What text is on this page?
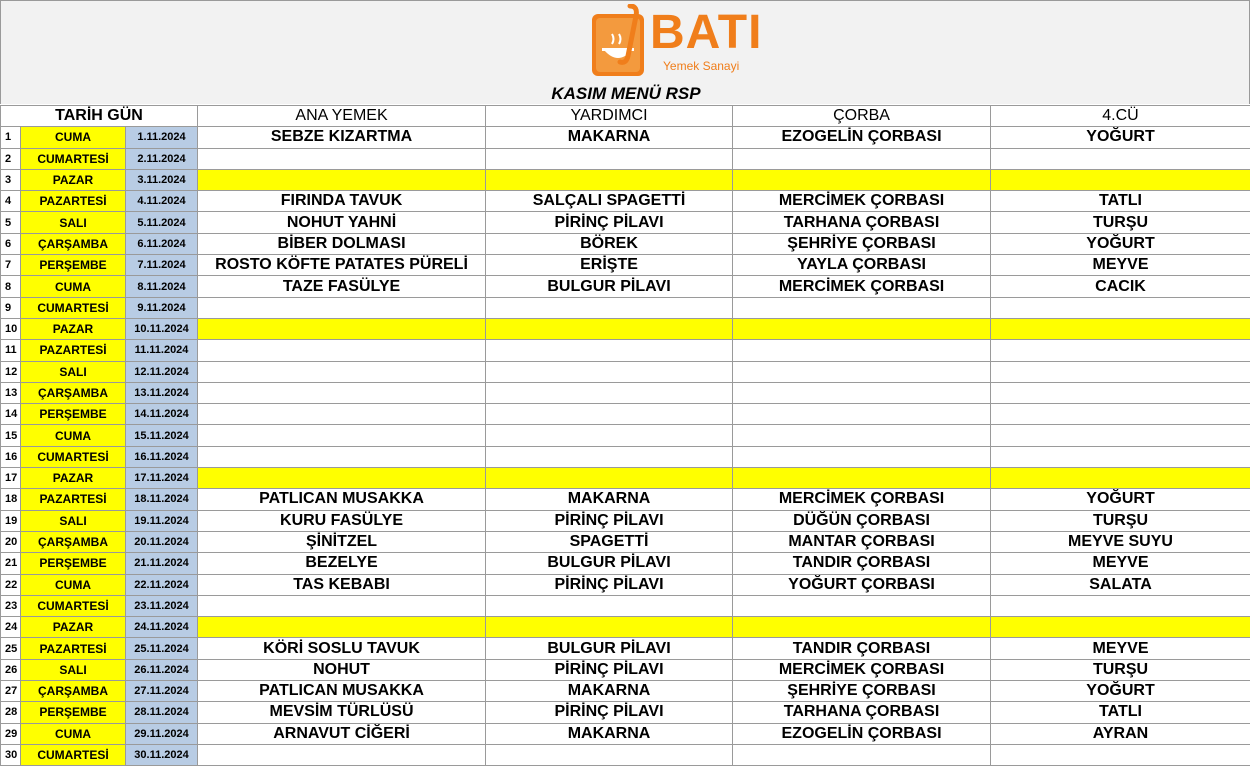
BATI
Yemek Sanayi
KASIM MENÜ RSP
TARİH GÜN			ANA YEMEK	YARDIMCI	ÇORBA	4.CÜ
1	CUMA	1.11.2024	SEBZE KIZARTMA	MAKARNA	EZOGELİN ÇORBASI	YOĞURT
2	CUMARTESİ	2.11.2024				
3	PAZAR	3.11.2024				
4	PAZARTESİ	4.11.2024	FIRINDA TAVUK	SALÇALI SPAGETTİ	MERCİMEK ÇORBASI	TATLI
5	SALI	5.11.2024	NOHUT YAHNİ	PİRİNÇ PİLAVI	TARHANA ÇORBASI	TURŞU
6	ÇARŞAMBA	6.11.2024	BİBER DOLMASI	BÖREK	ŞEHRİYE ÇORBASI	YOĞURT
7	PERŞEMBE	7.11.2024	ROSTO KÖFTE PATATES PÜRELİ	ERİŞTE	YAYLA ÇORBASI	MEYVE
8	CUMA	8.11.2024	TAZE FASÜLYE	BULGUR PİLAVI	MERCİMEK ÇORBASI	CACIK
9	CUMARTESİ	9.11.2024				
10	PAZAR	10.11.2024				
11	PAZARTESİ	11.11.2024				
12	SALI	12.11.2024				
13	ÇARŞAMBA	13.11.2024				
14	PERŞEMBE	14.11.2024				
15	CUMA	15.11.2024				
16	CUMARTESİ	16.11.2024				
17	PAZAR	17.11.2024				
18	PAZARTESİ	18.11.2024	PATLICAN MUSAKKA	MAKARNA	MERCİMEK ÇORBASI	YOĞURT
19	SALI	19.11.2024	KURU FASÜLYE	PİRİNÇ PİLAVI	DÜĞÜN ÇORBASI	TURŞU
20	ÇARŞAMBA	20.11.2024	ŞİNİTZEL	SPAGETTİ	MANTAR ÇORBASI	MEYVE SUYU
21	PERŞEMBE	21.11.2024	BEZELYE	BULGUR PİLAVI	TANDIR ÇORBASI	MEYVE
22	CUMA	22.11.2024	TAS KEBABI	PİRİNÇ PİLAVI	YOĞURT ÇORBASI	SALATA
23	CUMARTESİ	23.11.2024				
24	PAZAR	24.11.2024				
25	PAZARTESİ	25.11.2024	KÖRİ SOSLU TAVUK	BULGUR PİLAVI	TANDIR ÇORBASI	MEYVE
26	SALI	26.11.2024	NOHUT	PİRİNÇ PİLAVI	MERCİMEK ÇORBASI	TURŞU
27	ÇARŞAMBA	27.11.2024	PATLICAN MUSAKKA	MAKARNA	ŞEHRİYE ÇORBASI	YOĞURT
28	PERŞEMBE	28.11.2024	MEVSİM TÜRLÜSÜ	PİRİNÇ PİLAVI	TARHANA ÇORBASI	TATLI
29	CUMA	29.11.2024	ARNAVUT CİĞERİ	MAKARNA	EZOGELİN ÇORBASI	AYRAN
30	CUMARTESİ	30.11.2024				
